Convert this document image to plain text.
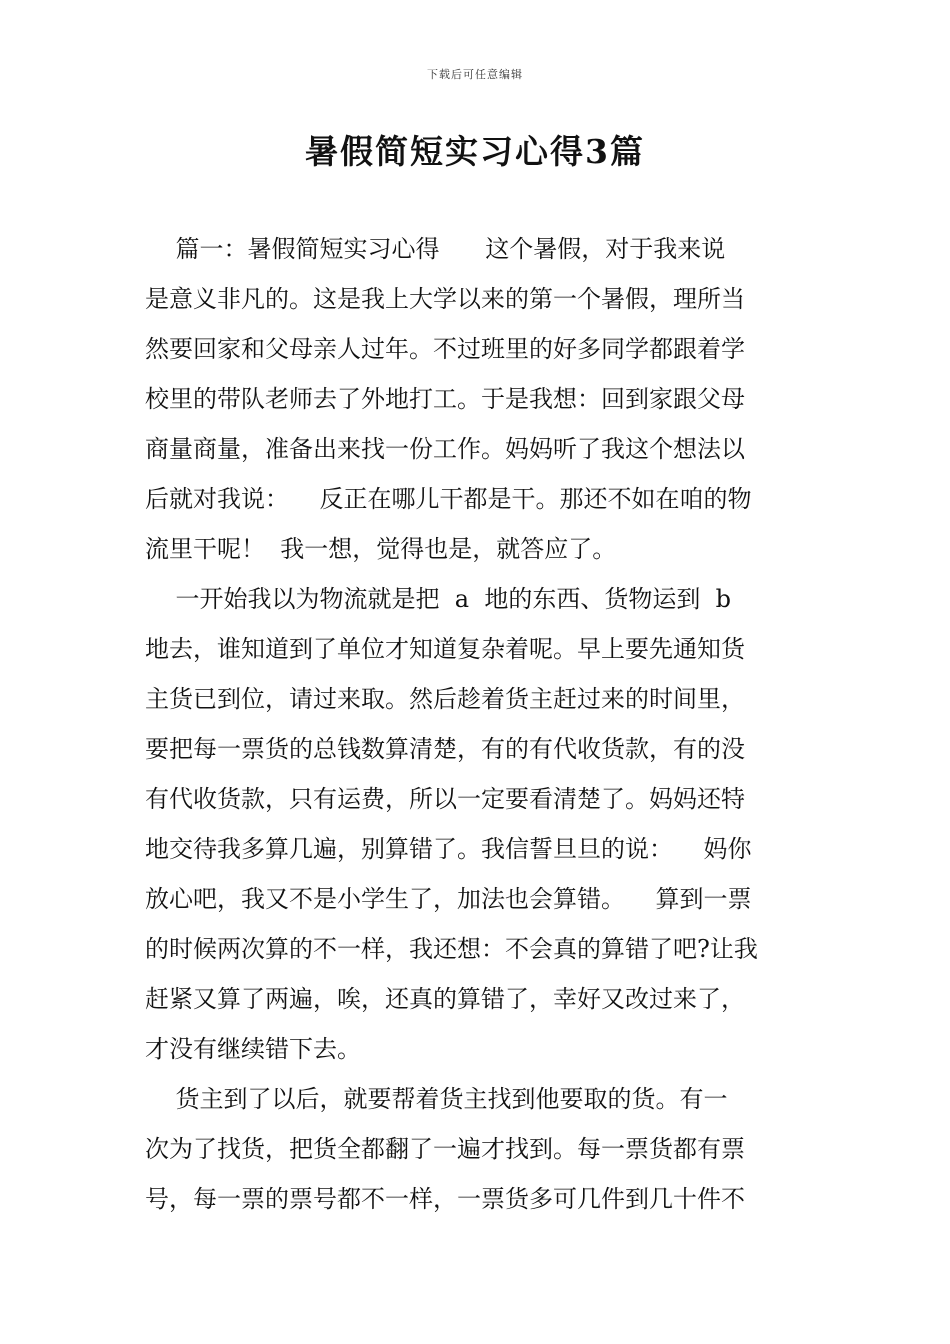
下载后可任意编辑
暑假简短实习心得3篇
篇一：暑假简短实习心得      这个暑假，对于我来说
是意义非凡的。这是我上大学以来的第一个暑假，理所当
然要回家和父母亲人过年。不过班里的好多同学都跟着学
校里的带队老师去了外地打工。于是我想：回到家跟父母
商量商量，准备出来找一份工作。妈妈听了我这个想法以
后就对我说：    反正在哪儿干都是干。那还不如在咱的物
流里干呢！  我一想，觉得也是，就答应了。
一开始我以为物流就是把  a  地的东西、货物运到  b
地去，谁知道到了单位才知道复杂着呢。早上要先通知货
主货已到位，请过来取。然后趁着货主赶过来的时间里，
要把每一票货的总钱数算清楚，有的有代收货款，有的没
有代收货款，只有运费，所以一定要看清楚了。妈妈还特
地交待我多算几遍，别算错了。我信誓旦旦的说：    妈你
放心吧，我又不是小学生了，加法也会算错。    算到一票
的时候两次算的不一样，我还想：不会真的算错了吧?让我
赶紧又算了两遍，唉，还真的算错了，幸好又改过来了，
才没有继续错下去。
货主到了以后，就要帮着货主找到他要取的货。有一
次为了找货，把货全都翻了一遍才找到。每一票货都有票
号，每一票的票号都不一样，一票货多可几件到几十件不
